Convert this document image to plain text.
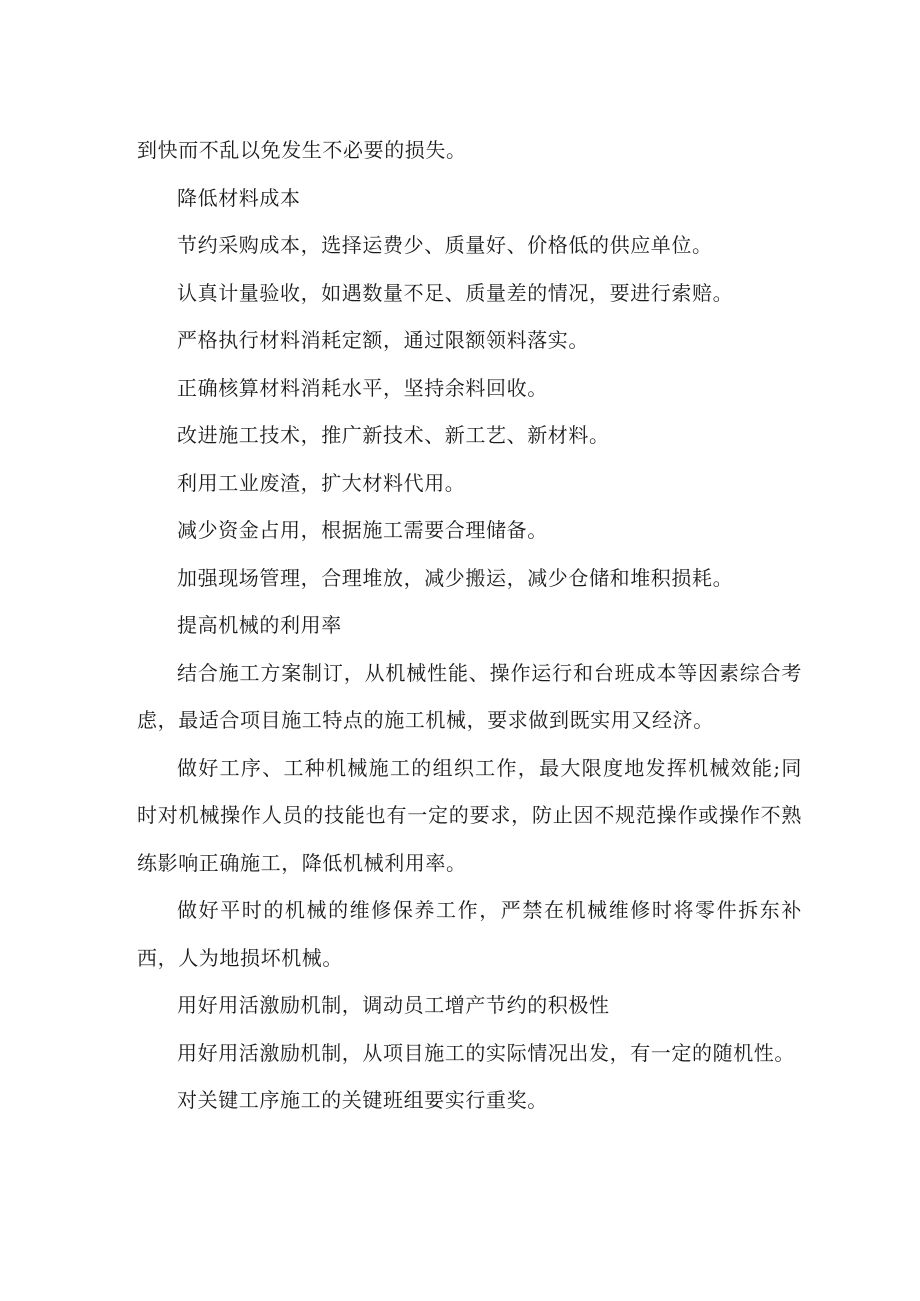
到快而不乱以免发生不必要的损失。

降低材料成本

节约采购成本，选择运费少、质量好、价格低的供应单位。

认真计量验收，如遇数量不足、质量差的情况，要进行索赔。

严格执行材料消耗定额，通过限额领料落实。

正确核算材料消耗水平，坚持余料回收。

改进施工技术，推广新技术、新工艺、新材料。

利用工业废渣，扩大材料代用。

减少资金占用，根据施工需要合理储备。

加强现场管理，合理堆放，减少搬运，减少仓储和堆积损耗。

提高机械的利用率

结合施工方案制订，从机械性能、操作运行和台班成本等因素综合考虑，最适合项目施工特点的施工机械，要求做到既实用又经济。

做好工序、工种机械施工的组织工作，最大限度地发挥机械效能;同时对机械操作人员的技能也有一定的要求，防止因不规范操作或操作不熟练影响正确施工，降低机械利用率。

做好平时的机械的维修保养工作，严禁在机械维修时将零件拆东补西，人为地损坏机械。

用好用活激励机制，调动员工增产节约的积极性

用好用活激励机制，从项目施工的实际情况出发，有一定的随机性。

对关键工序施工的关键班组要实行重奖。
